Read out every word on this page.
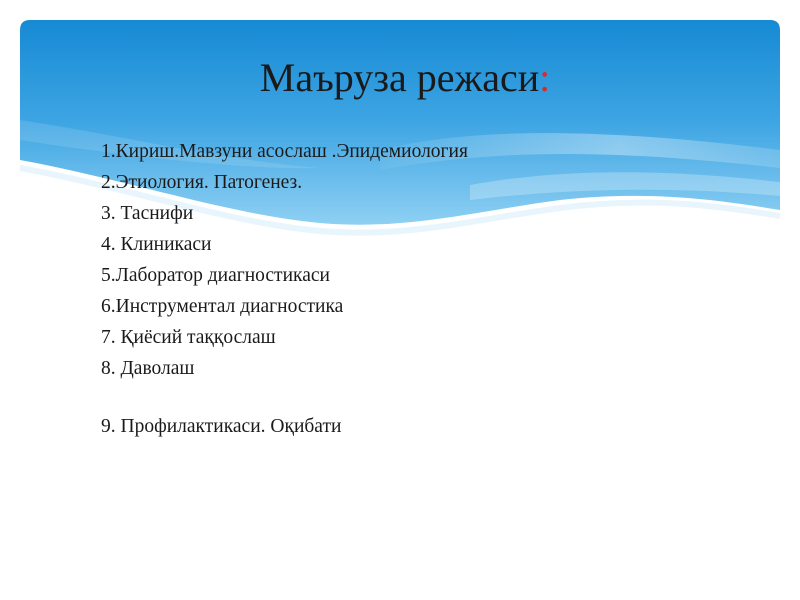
Маъруза режаси:
1.Кириш.Мавзуни асослаш .Эпидемиология
2.Этиология. Патогенез.
3. Таснифи
4. Клиникаси
5.Лаборатор диагностикаси
6.Инструментал диагностика
7. Қиёсий таққослаш
8. Даволаш
9. Профилактикаси. Оқибати
